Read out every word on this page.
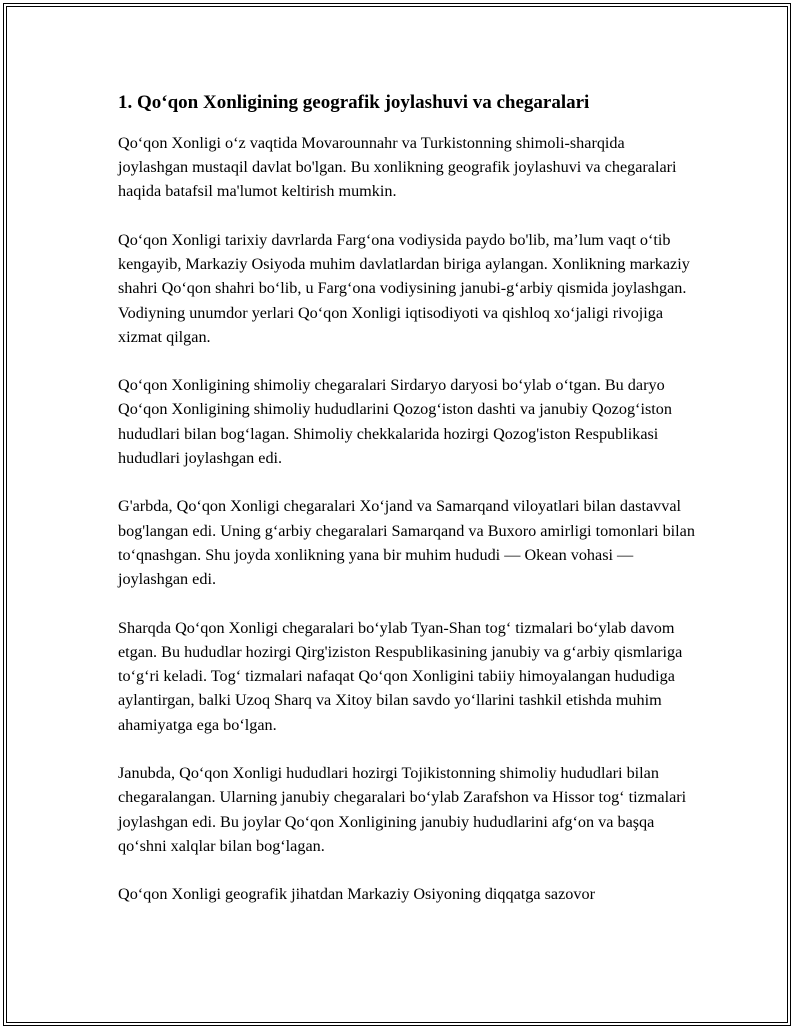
1. Qo‘qon Xonligining geografik joylashuvi va chegaralari

Qo‘qon Xonligi o‘z vaqtida Movarounnahr va Turkistonning shimoli-sharqida joylashgan mustaqil davlat bo'lgan. Bu xonlikning geografik joylashuvi va chegaralari haqida batafsil ma'lumot keltirish mumkin.

Qo‘qon Xonligi tarixiy davrlarda Farg‘ona vodiysida paydo bo'lib, ma’lum vaqt o‘tib kengayib, Markaziy Osiyoda muhim davlatlardan biriga aylangan. Xonlikning markaziy shahri Qo‘qon shahri bo‘lib, u Farg‘ona vodiysining janubi-g‘arbiy qismida joylashgan. Vodiyning unumdor yerlari Qo‘qon Xonligi iqtisodiyoti va qishloq xo‘jaligi rivojiga xizmat qilgan.

Qo‘qon Xonligining shimoliy chegaralari Sirdaryo daryosi bo‘ylab o‘tgan. Bu daryo Qo‘qon Xonligining shimoliy hududlarini Qozog‘iston dashti va janubiy Qozog‘iston hududlari bilan bog‘lagan. Shimoliy chekkalarida hozirgi Qozog'iston Respublikasi hududlari joylashgan edi.

G'arbda, Qo‘qon Xonligi chegaralari Xo‘jand va Samarqand viloyatlari bilan dastavval bog'langan edi. Uning g‘arbiy chegaralari Samarqand va Buxoro amirligi tomonlari bilan to‘qnashgan. Shu joyda xonlikning yana bir muhim hududi — Okean vohasi — joylashgan edi.

Sharqda Qo‘qon Xonligi chegaralari bo‘ylab Tyan-Shan tog‘ tizmalari bo‘ylab davom etgan. Bu hududlar hozirgi Qirg'iziston Respublikasining janubiy va g‘arbiy qismlariga to‘g‘ri keladi. Tog‘ tizmalari nafaqat Qo‘qon Xonligini tabiiy himoyalangan hududiga aylantirgan, balki Uzoq Sharq va Xitoy bilan savdo yo‘llarini tashkil etishda muhim ahamiyatga ega bo‘lgan.

Janubda, Qo‘qon Xonligi hududlari hozirgi Tojikistonning shimoliy hududlari bilan chegaralangan. Ularning janubiy chegaralari bo‘ylab Zarafshon va Hissor tog‘ tizmalari joylashgan edi. Bu joylar Qo‘qon Xonligining janubiy hududlarini afg‘on va başqa qo‘shni xalqlar bilan bog‘lagan.

Qo‘qon Xonligi geografik jihatdan Markaziy Osiyoning diqqatga sazovor
